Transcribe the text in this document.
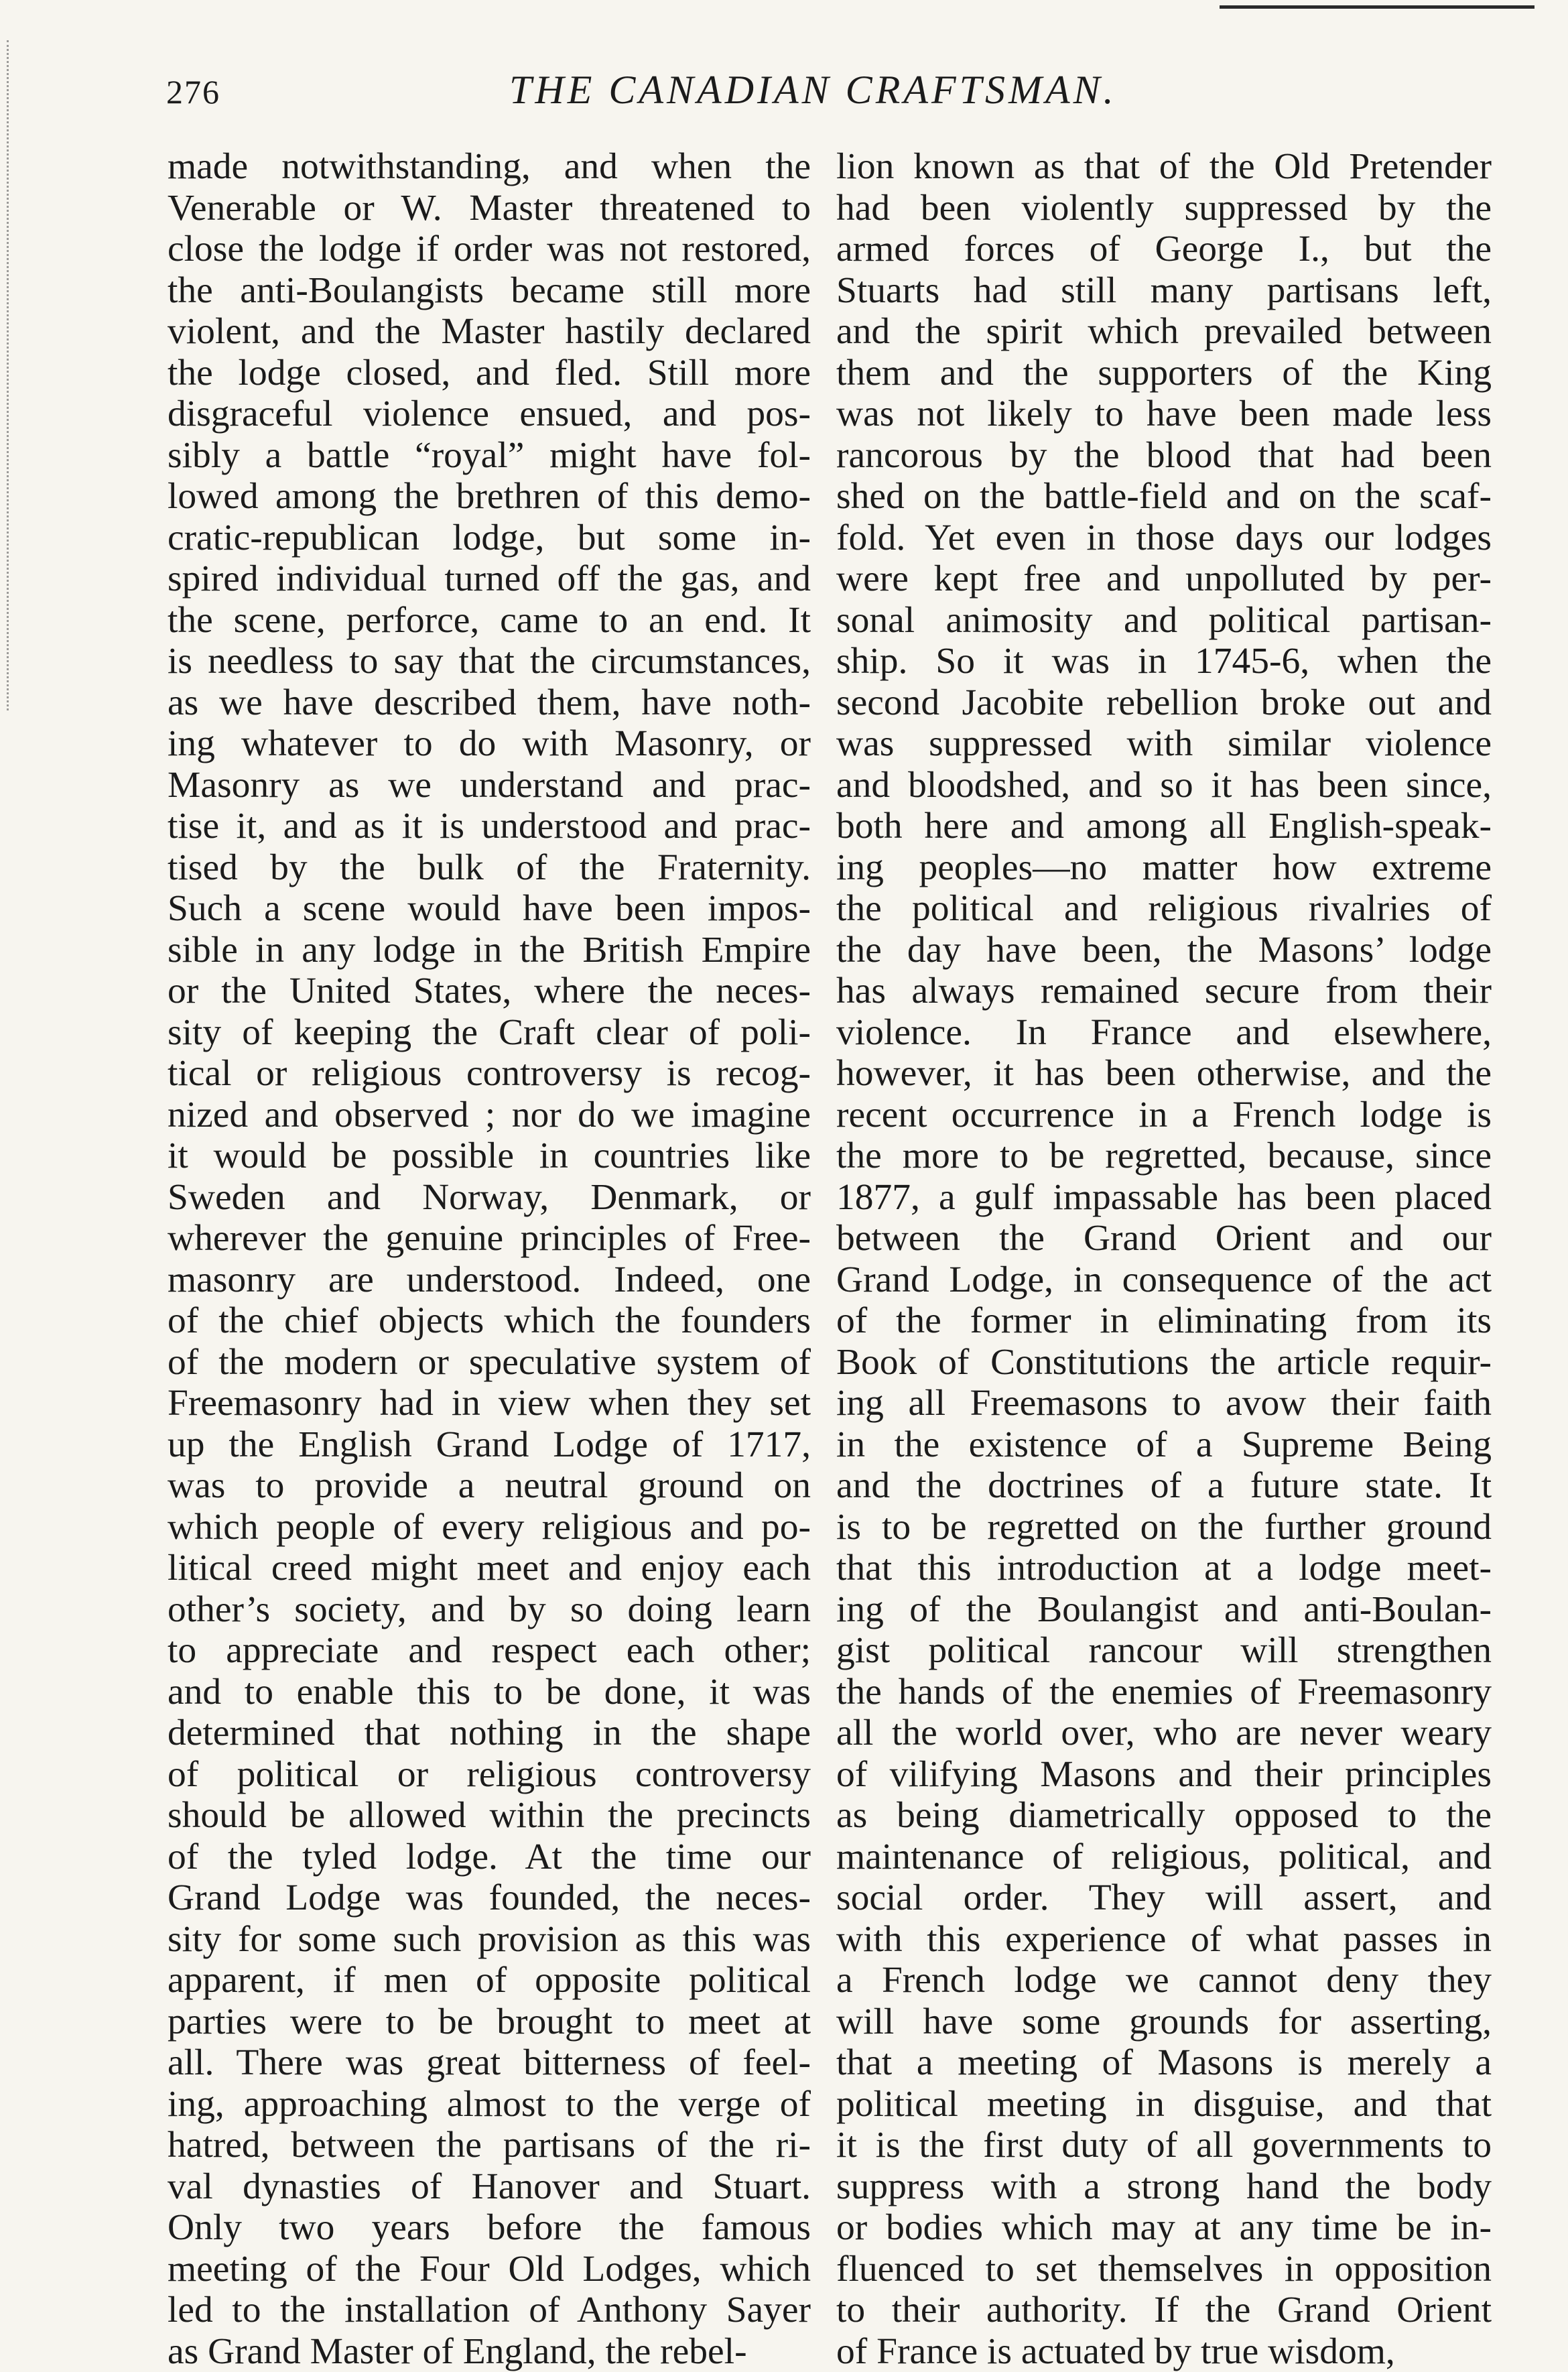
276	THE CANADIAN CRAFTSMAN.
made notwithstanding, and when the
Venerable or W. Master threatened to
close the lodge if order was not restored,
the anti-Boulangists became still more
violent, and the Master hastily declared
the lodge closed, and fled. Still more
disgraceful violence ensued, and pos-
sibly a battle “royal” might have fol-
lowed among the brethren of this demo-
cratic-republican lodge, but some in-
spired individual turned off the gas, and
the scene, perforce, came to an end. It
is needless to say that the circumstances,
as we have described them, have noth-
ing whatever to do with Masonry, or
Masonry as we understand and prac-
tise it, and as it is understood and prac-
tised by the bulk of the Fraternity.
Such a scene would have been impos-
sible in any lodge in the British Empire
or the United States, where the neces-
sity of keeping the Craft clear of poli-
tical or religious controversy is recog-
nized and observed ; nor do we imagine
it would be possible in countries like
Sweden and Norway, Denmark, or
wherever the genuine principles of Free-
masonry are understood. Indeed, one
of the chief objects which the founders
of the modern or speculative system of
Freemasonry had in view when they set
up the English Grand Lodge of 1717,
was to provide a neutral ground on
which people of every religious and po-
litical creed might meet and enjoy each
other’s society, and by so doing learn
to appreciate and respect each other;
and to enable this to be done, it was
determined that nothing in the shape
of political or religious controversy
should be allowed within the precincts
of the tyled lodge. At the time our
Grand Lodge was founded, the neces-
sity for some such provision as this was
apparent, if men of opposite political
parties were to be brought to meet at
all. There was great bitterness of feel-
ing, approaching almost to the verge of
hatred, between the partisans of the ri-
val dynasties of Hanover and Stuart.
Only two years before the famous
meeting of the Four Old Lodges, which
led to the installation of Anthony Sayer
as Grand Master of England, the rebel-
lion known as that of the Old Pretender
had been violently suppressed by the
armed forces of George I., but the
Stuarts had still many partisans left,
and the spirit which prevailed between
them and the supporters of the King
was not likely to have been made less
rancorous by the blood that had been
shed on the battle-field and on the scaf-
fold. Yet even in those days our lodges
were kept free and unpolluted by per-
sonal animosity and political partisan-
ship. So it was in 1745-6, when the
second Jacobite rebellion broke out and
was suppressed with similar violence
and bloodshed, and so it has been since,
both here and among all English-speak-
ing peoples—no matter how extreme
the political and religious rivalries of
the day have been, the Masons’ lodge
has always remained secure from their
violence. In France and elsewhere,
however, it has been otherwise, and the
recent occurrence in a French lodge is
the more to be regretted, because, since
1877, a gulf impassable has been placed
between the Grand Orient and our
Grand Lodge, in consequence of the act
of the former in eliminating from its
Book of Constitutions the article requir-
ing all Freemasons to avow their faith
in the existence of a Supreme Being
and the doctrines of a future state. It
is to be regretted on the further ground
that this introduction at a lodge meet-
ing of the Boulangist and anti-Boulan-
gist political rancour will strengthen
the hands of the enemies of Freemasonry
all the world over, who are never weary
of vilifying Masons and their principles
as being diametrically opposed to the
maintenance of religious, political, and
social order. They will assert, and
with this experience of what passes in
a French lodge we cannot deny they
will have some grounds for asserting,
that a meeting of Masons is merely a
political meeting in disguise, and that
it is the first duty of all governments to
suppress with a strong hand the body
or bodies which may at any time be in-
fluenced to set themselves in opposition
to their authority. If the Grand Orient
of France is actuated by true wisdom,
